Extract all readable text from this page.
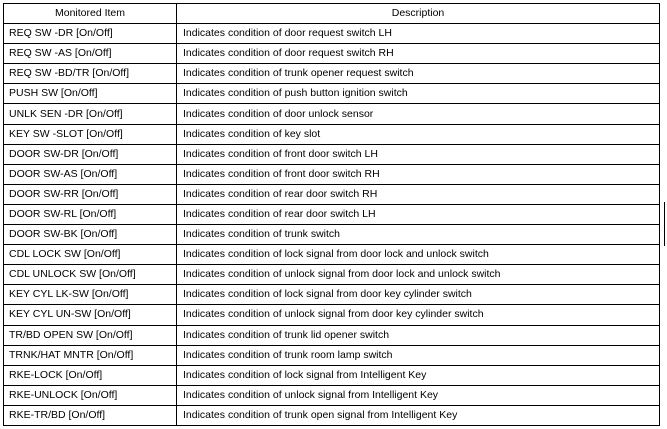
Monitored Item	Description
REQ SW -DR [On/Off]	Indicates condition of door request switch LH
REQ SW -AS [On/Off]	Indicates condition of door request switch RH
REQ SW -BD/TR [On/Off]	Indicates condition of trunk opener request switch
PUSH SW [On/Off]	Indicates condition of push button ignition switch
UNLK SEN -DR [On/Off]	Indicates condition of door unlock sensor
KEY SW -SLOT [On/Off]	Indicates condition of key slot
DOOR SW-DR [On/Off]	Indicates condition of front door switch LH
DOOR SW-AS [On/Off]	Indicates condition of front door switch RH
DOOR SW-RR [On/Off]	Indicates condition of rear door switch RH
DOOR SW-RL [On/Off]	Indicates condition of rear door switch LH
DOOR SW-BK [On/Off]	Indicates condition of trunk switch
CDL LOCK SW [On/Off]	Indicates condition of lock signal from door lock and unlock switch
CDL UNLOCK SW [On/Off]	Indicates condition of unlock signal from door lock and unlock switch
KEY CYL LK-SW [On/Off]	Indicates condition of lock signal from door key cylinder switch
KEY CYL UN-SW [On/Off]	Indicates condition of unlock signal from door key cylinder switch
TR/BD OPEN SW [On/Off]	Indicates condition of trunk lid opener switch
TRNK/HAT MNTR [On/Off]	Indicates condition of trunk room lamp switch
RKE-LOCK [On/Off]	Indicates condition of lock signal from Intelligent Key
RKE-UNLOCK [On/Off]	Indicates condition of unlock signal from Intelligent Key
RKE-TR/BD [On/Off]	Indicates condition of trunk open signal from Intelligent Key
